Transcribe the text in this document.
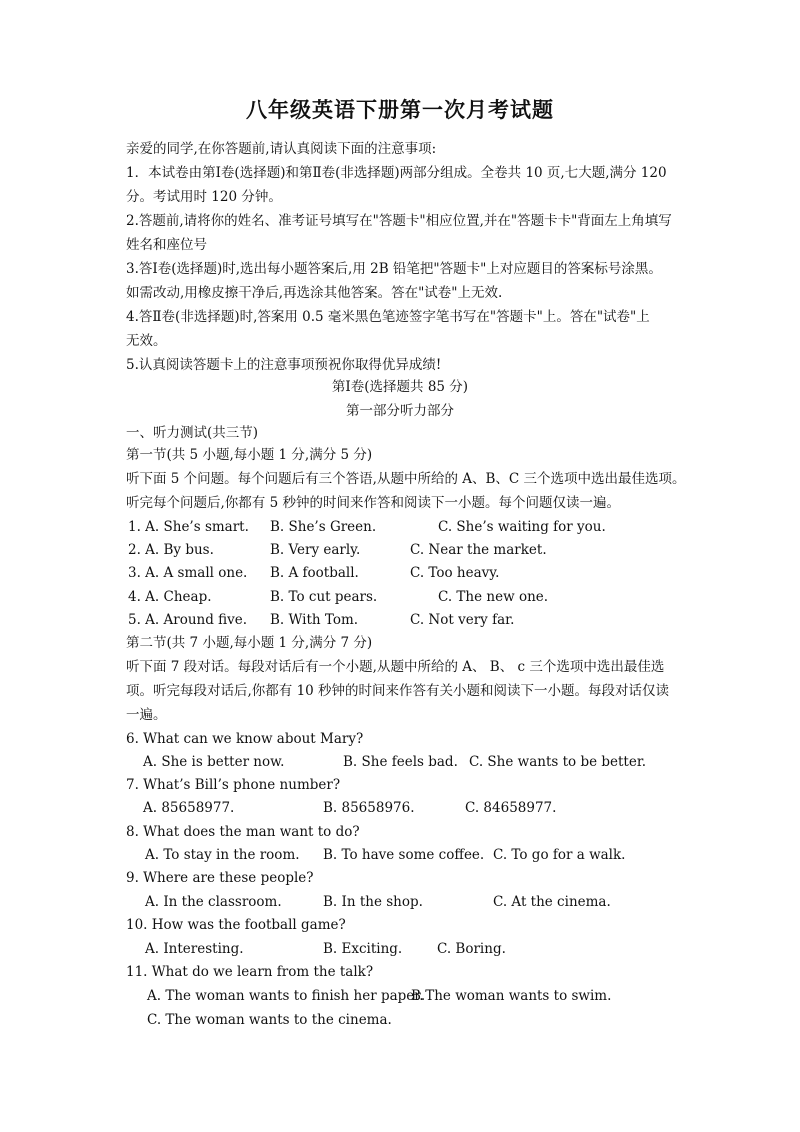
八年级英语下册第一次月考试题
亲爱的同学,在你答题前,请认真阅读下面的注意事项:
1．本试卷由第Ⅰ卷(选择题)和第Ⅱ卷(非选择题)两部分组成。全卷共 10 页,七大题,满分 120
分。考试用时 120 分钟。
2.答题前,请将你的姓名、准考证号填写在"答题卡"相应位置,并在"答题卡卡"背面左上角填写
姓名和座位号
3.答Ⅰ卷(选择题)时,选出每小题答案后,用 2B 铅笔把"答题卡"上对应题目的答案标号涂黑。
如需改动,用橡皮擦干净后,再选涂其他答案。答在"试卷"上无效.
4.答Ⅱ卷(非选择题)时,答案用 0.5 毫米黑色笔迹签字笔书写在"答题卡"上。答在"试卷"上
无效。
5.认真阅读答题卡上的注意事项预祝你取得优异成绩!
第Ⅰ卷(选择题共 85 分)
第一部分听力部分
一、听力测试(共三节)
第一节(共 5 小题,每小题 1 分,满分 5 分)
听下面 5 个问题。每个问题后有三个答语,从题中所给的 A、B、C 三个选项中选出最佳选项。
听完每个问题后,你都有 5 秒钟的时间来作答和阅读下一小题。每个问题仅读一遍。
1. A. She’s smart. B. She’s Green.	C. She’s waiting for you.
2. A. By bus.	B. Very early.	C. Near the market.
3. A. A small one. B. A football.	C. Too heavy.
4. A. Cheap.	B. To cut pears.	C. The new one.
5. A. Around five. B. With Tom.	C. Not very far.
第二节(共 7 小题,每小题 1 分,满分 7 分)
听下面 7 段对话。每段对话后有一个小题,从题中所给的 A、 B、 c 三个选项中选出最佳选
项。听完每段对话后,你都有 10 秒钟的时间来作答有关小题和阅读下一小题。每段对话仅读
一遍。
6. What can we know about Mary?
A. She is better now.	B. She feels bad. C. She wants to be better.
7. What’s Bill’s phone number?
A. 85658977.	B. 85658976.	C. 84658977.
8. What does the man want to do?
A. To stay in the room. B. To have some coffee. C. To go for a walk.
9. Where are these people?
A. In the classroom.	B. In the shop.	C. At the cinema.
10. How was the football game?
A. Interesting.	B. Exciting.	C. Boring.
11. What do we learn from the talk?
A. The woman wants to finish her paper.
B.The woman wants to swim.
C. The woman wants to the cinema.
